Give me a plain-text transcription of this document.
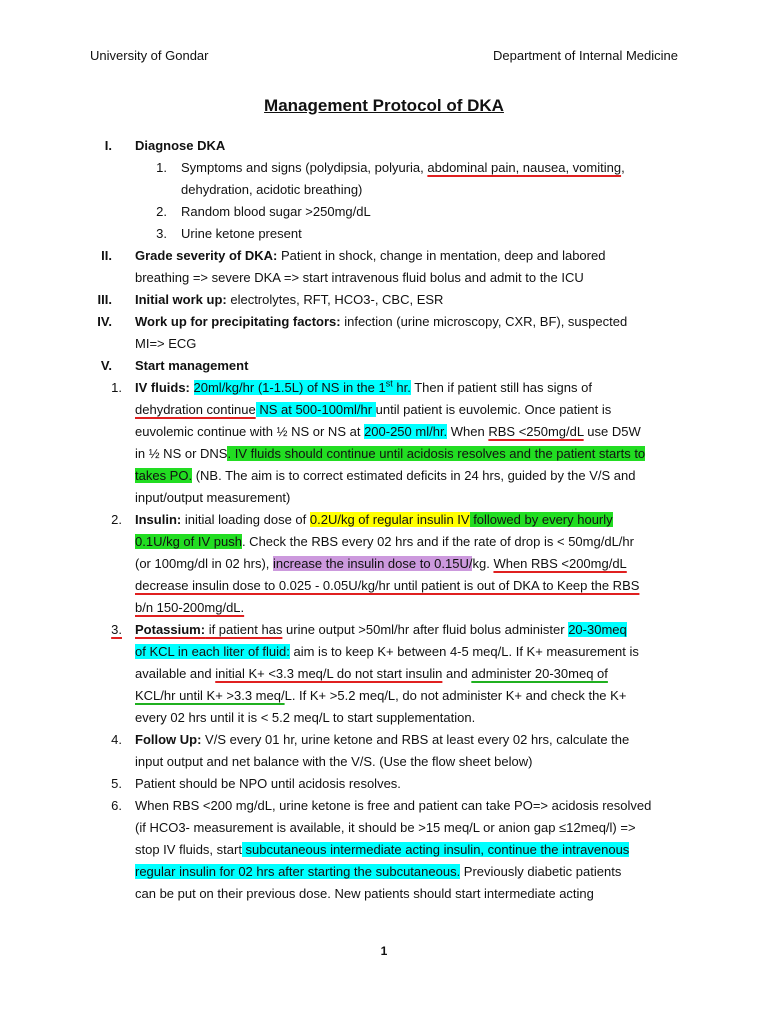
University of Gondar	Department of Internal Medicine
Management Protocol of DKA
I. Diagnose DKA
1. Symptoms and signs (polydipsia, polyuria, abdominal pain, nausea, vomiting,
dehydration, acidotic breathing)
2. Random blood sugar >250mg/dL
3. Urine ketone present
II. Grade severity of DKA: Patient in shock, change in mentation, deep and labored
breathing => severe DKA => start intravenous fluid bolus and admit to the ICU
III. Initial work up: electrolytes, RFT, HCO3-, CBC, ESR
IV. Work up for precipitating factors: infection (urine microscopy, CXR, BF), suspected
MI=> ECG
V. Start management
1. IV fluids: 20ml/kg/hr (1-1.5L) of NS in the 1st hr. Then if patient still has signs of
dehydration continue NS at 500-100ml/hr until patient is euvolemic. Once patient is
euvolemic continue with ½ NS or NS at 200-250 ml/hr. When RBS <250mg/dL use D5W
in ½ NS or DNS. IV fluids should continue until acidosis resolves and the patient starts to
takes PO. (NB. The aim is to correct estimated deficits in 24 hrs, guided by the V/S and
input/output measurement)
2. Insulin: initial loading dose of 0.2U/kg of regular insulin IV followed by every hourly
0.1U/kg of IV push. Check the RBS every 02 hrs and if the rate of drop is < 50mg/dL/hr
(or 100mg/dl in 02 hrs), increase the insulin dose to 0.15U/kg. When RBS <200mg/dL
decrease insulin dose to 0.025 - 0.05U/kg/hr until patient is out of DKA to Keep the RBS
b/n 150-200mg/dL.
3. Potassium: if patient has urine output >50ml/hr after fluid bolus administer 20-30meq
of KCL in each liter of fluid: aim is to keep K+ between 4-5 meq/L. If K+ measurement is
available and initial K+ <3.3 meq/L do not start insulin and administer 20-30meq of
KCL/hr until K+ >3.3 meq/L. If K+ >5.2 meq/L, do not administer K+ and check the K+
every 02 hrs until it is < 5.2 meq/L to start supplementation.
4. Follow Up: V/S every 01 hr, urine ketone and RBS at least every 02 hrs, calculate the
input output and net balance with the V/S. (Use the flow sheet below)
5. Patient should be NPO until acidosis resolves.
6. When RBS <200 mg/dL, urine ketone is free and patient can take PO=> acidosis resolved
(if HCO3- measurement is available, it should be >15 meq/L or anion gap ≤12meq/l) =>
stop IV fluids, start subcutaneous intermediate acting insulin, continue the intravenous
regular insulin for 02 hrs after starting the subcutaneous. Previously diabetic patients
can be put on their previous dose. New patients should start intermediate acting
1
